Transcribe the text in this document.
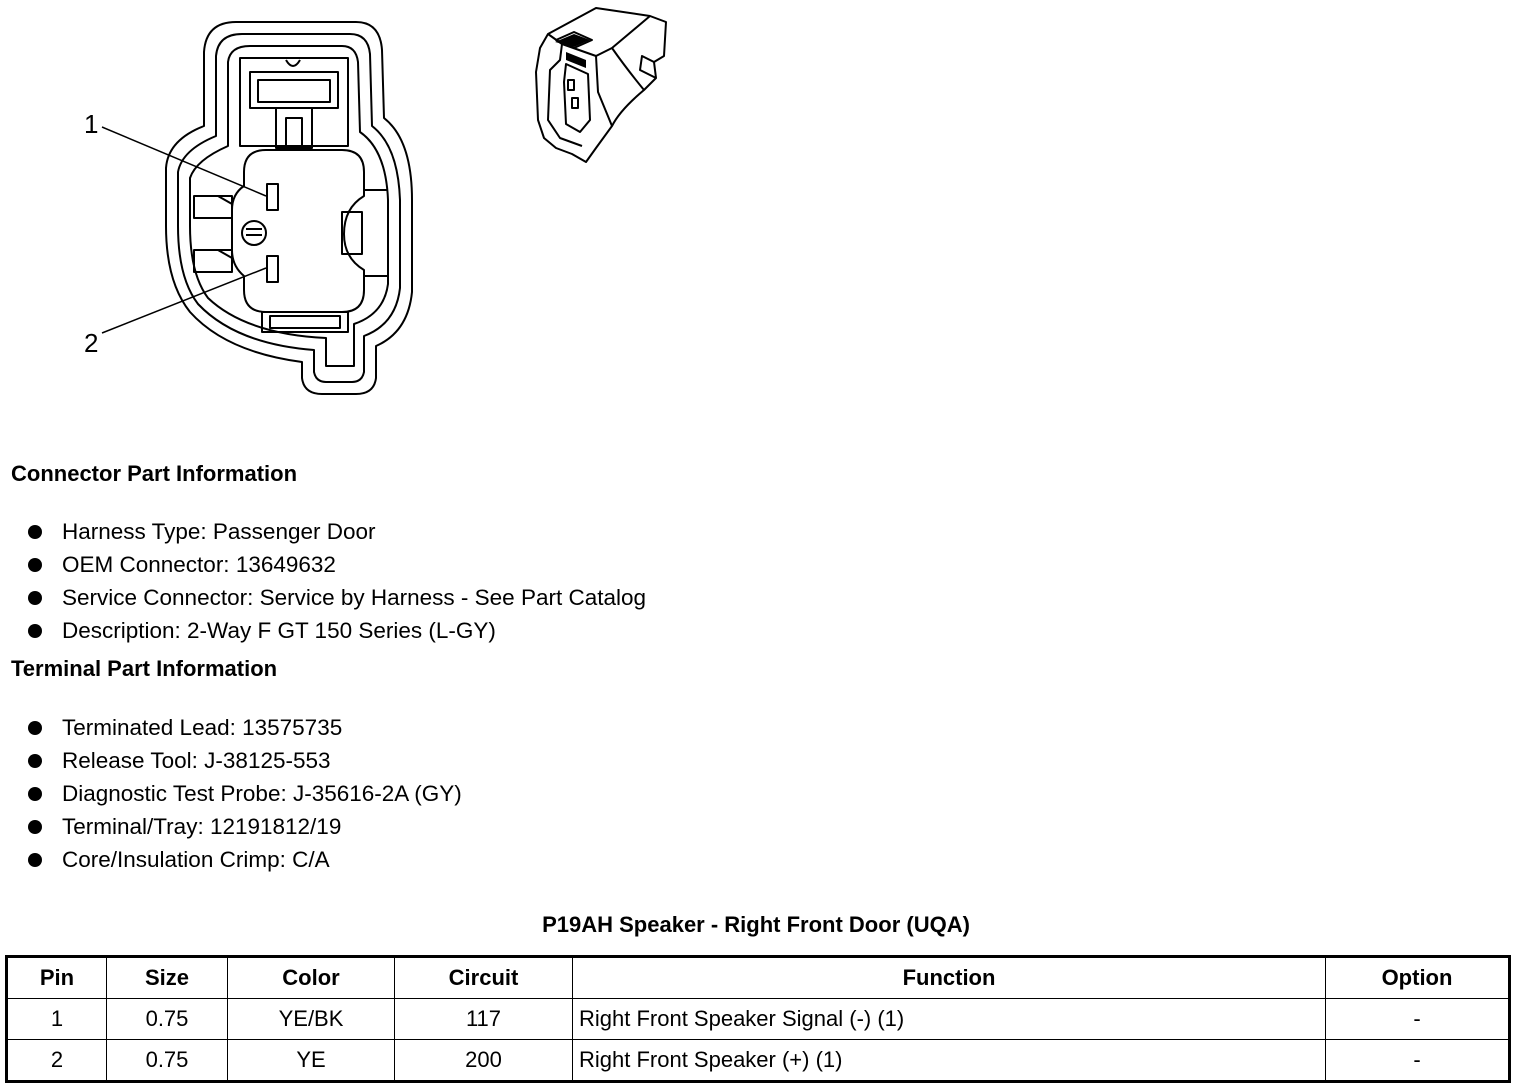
1
2
Connector Part Information
Harness Type: Passenger Door
OEM Connector: 13649632
Service Connector: Service by Harness - See Part Catalog
Description: 2-Way F GT 150 Series (L-GY)
Terminal Part Information
Terminated Lead: 13575735
Release Tool: J-38125-553
Diagnostic Test Probe: J-35616-2A (GY)
Terminal/Tray: 12191812/19
Core/Insulation Crimp: C/A
P19AH Speaker - Right Front Door (UQA)
Pin	Size	Color	Circuit	Function	Option
1	0.75	YE/BK	117	Right Front Speaker Signal (-) (1)	-
2	0.75	YE	200	Right Front Speaker (+) (1)	-
